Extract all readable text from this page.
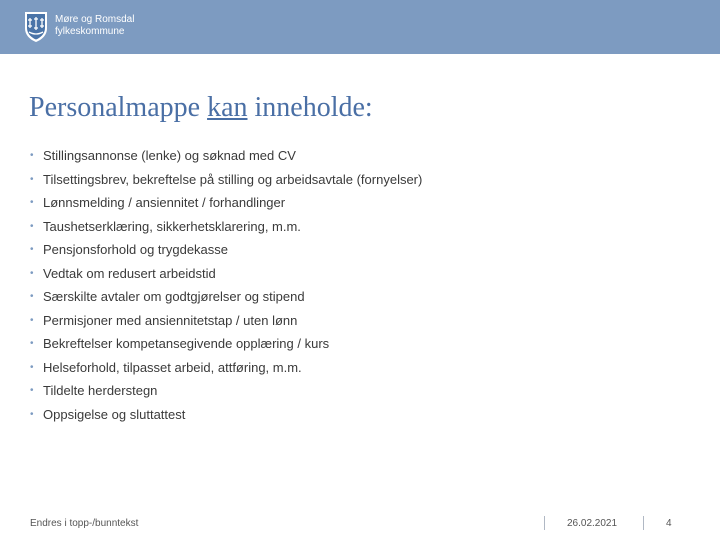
Møre og Romsdal
fylkeskommune
Personalmappe kan inneholde:
• Stillingsannonse (lenke) og søknad med CV
• Tilsettingsbrev, bekreftelse på stilling og arbeidsavtale (fornyelser)
• Lønnsmelding / ansiennitet / forhandlinger
• Taushetserklæring, sikkerhetsklarering, m.m.
• Pensjonsforhold og trygdekasse
• Vedtak om redusert arbeidstid
• Særskilte avtaler om godtgjørelser og stipend
• Permisjoner med ansiennitetstap / uten lønn
• Bekreftelser kompetansegivende opplæring / kurs
• Helseforhold, tilpasset arbeid, attføring, m.m.
• Tildelte herderstegn
• Oppsigelse og sluttattest
Endres i topp-/bunntekst	26.02.2021	4
